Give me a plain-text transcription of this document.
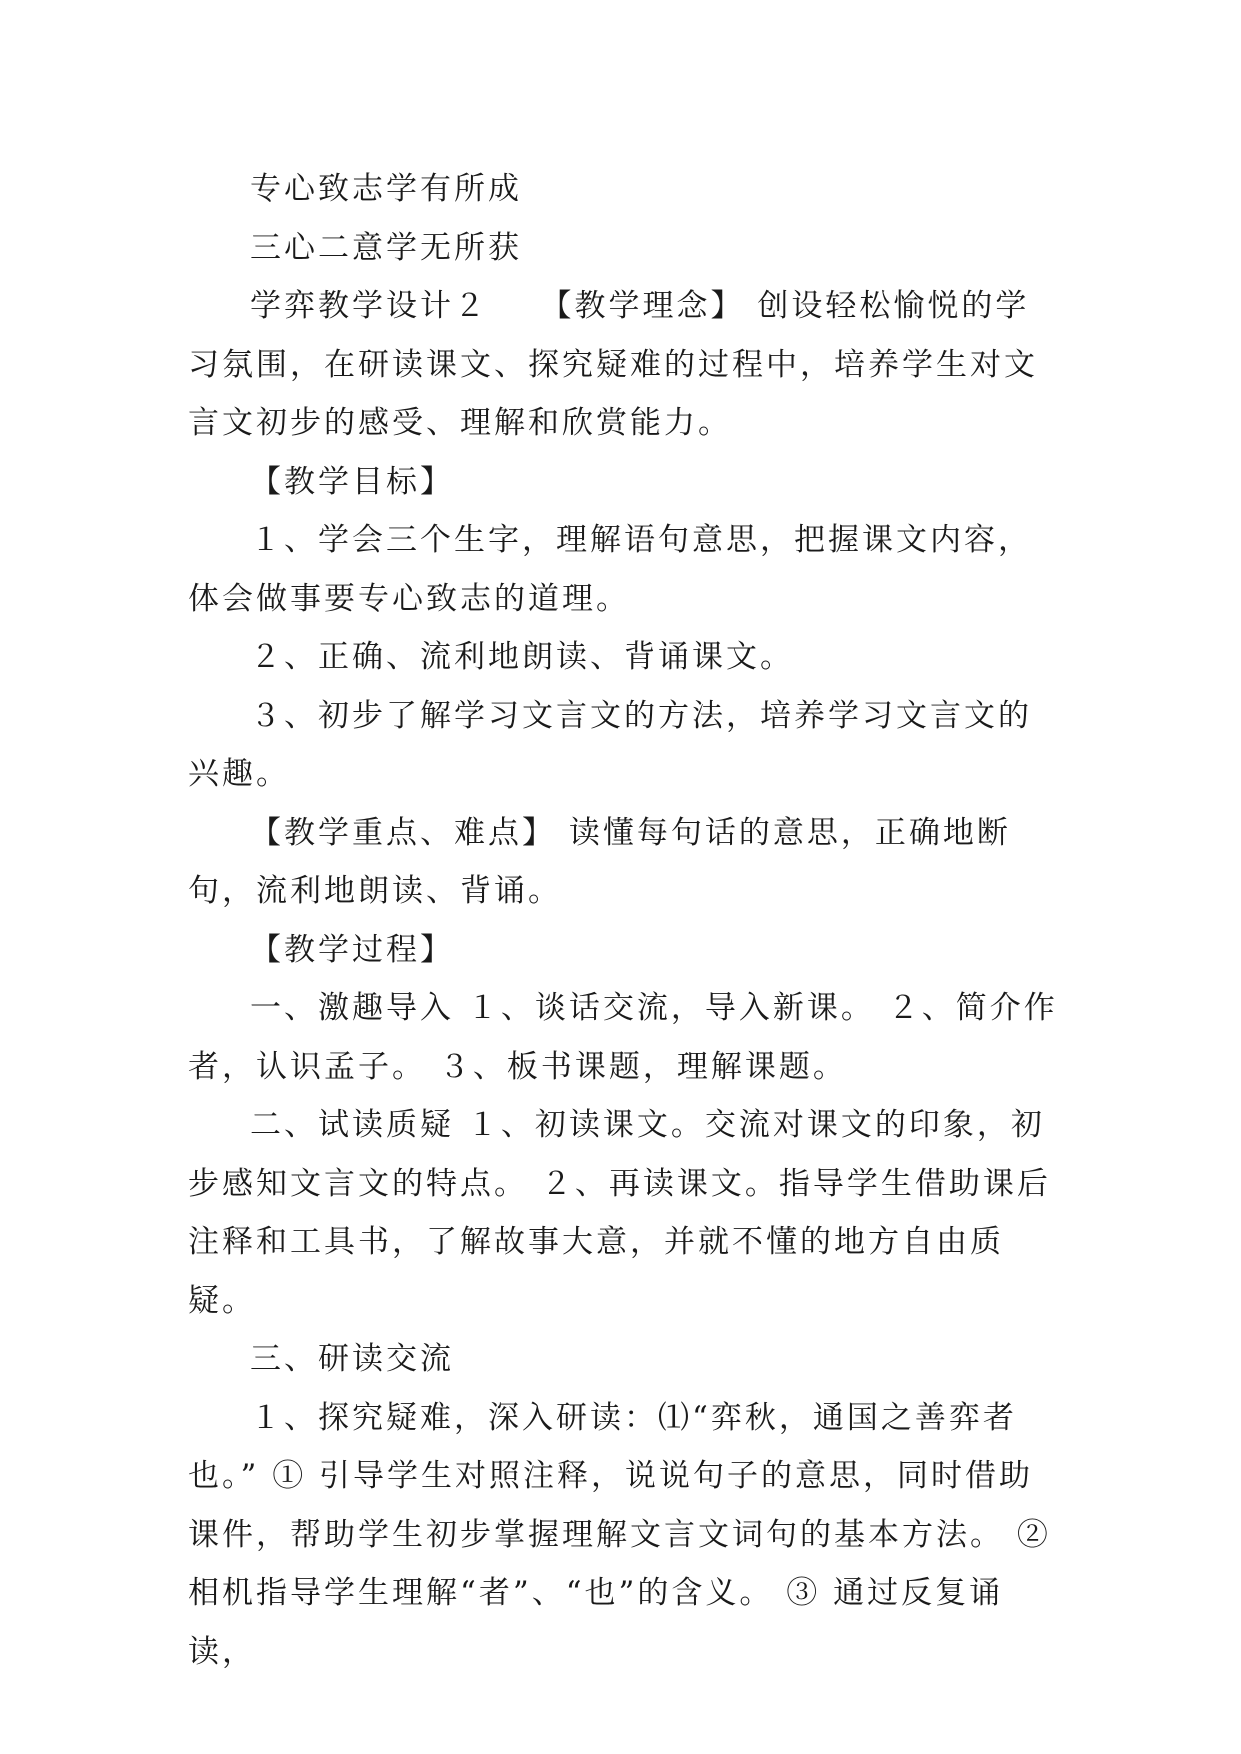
专心致志学有所成

三心二意学无所获

学弈教学设计２　　【教学理念】 创设轻松愉悦的学习氛围，在研读课文、探究疑难的过程中，培养学生对文言文初步的感受、理解和欣赏能力。

【教学目标】

１、学会三个生字，理解语句意思，把握课文内容，体会做事要专心致志的道理。

２、正确、流利地朗读、背诵课文。

３、初步了解学习文言文的方法，培养学习文言文的兴趣。

【教学重点、难点】 读懂每句话的意思，正确地断句，流利地朗读、背诵。

【教学过程】

一、激趣导入 １、谈话交流，导入新课。 ２、简介作者，认识孟子。 ３、板书课题，理解课题。

二、试读质疑 １、初读课文。交流对课文的印象，初步感知文言文的特点。 ２、再读课文。指导学生借助课后注释和工具书，了解故事大意，并就不懂的地方自由质疑。

三、研读交流

１、探究疑难，深入研读：⑴“弈秋，通国之善弈者也。” ① 引导学生对照注释，说说句子的意思，同时借助课件，帮助学生初步掌握理解文言文词句的基本方法。 ② 相机指导学生理解“者”、“也”的含义。 ③ 通过反复诵读，
